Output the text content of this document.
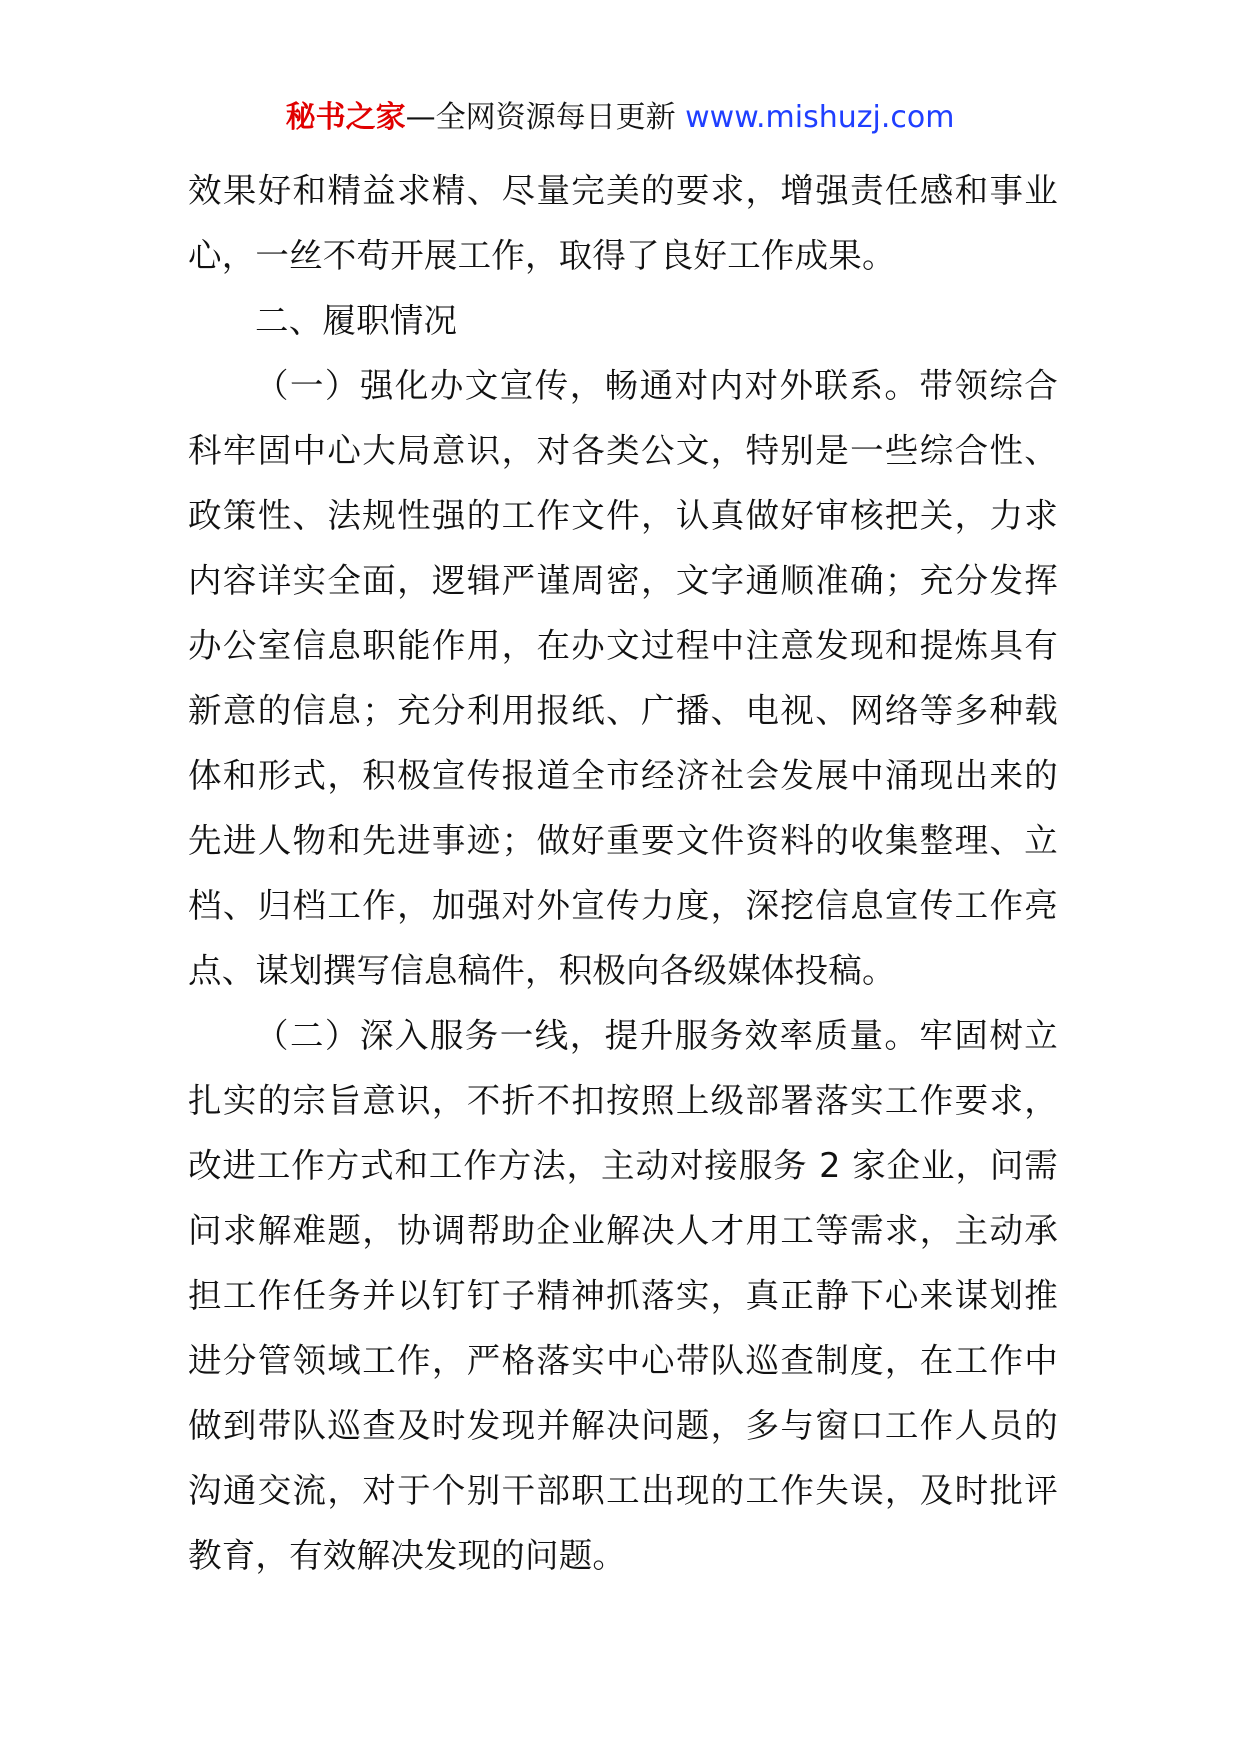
秘书之家—全网资源每日更新 www.mishuzj.com

效果好和精益求精、尽量完美的要求，增强责任感和事业心，一丝不苟开展工作，取得了良好工作成果。

二、履职情况

（一）强化办文宣传，畅通对内对外联系。带领综合科牢固中心大局意识，对各类公文，特别是一些综合性、政策性、法规性强的工作文件，认真做好审核把关，力求内容详实全面，逻辑严谨周密，文字通顺准确；充分发挥办公室信息职能作用，在办文过程中注意发现和提炼具有新意的信息；充分利用报纸、广播、电视、网络等多种载体和形式，积极宣传报道全市经济社会发展中涌现出来的先进人物和先进事迹；做好重要文件资料的收集整理、立档、归档工作，加强对外宣传力度，深挖信息宣传工作亮点、谋划撰写信息稿件，积极向各级媒体投稿。

（二）深入服务一线，提升服务效率质量。牢固树立扎实的宗旨意识，不折不扣按照上级部署落实工作要求，改进工作方式和工作方法，主动对接服务 2 家企业，问需问求解难题，协调帮助企业解决人才用工等需求，主动承担工作任务并以钉钉子精神抓落实，真正静下心来谋划推进分管领域工作，严格落实中心带队巡查制度，在工作中做到带队巡查及时发现并解决问题，多与窗口工作人员的沟通交流，对于个别干部职工出现的工作失误，及时批评教育，有效解决发现的问题。
